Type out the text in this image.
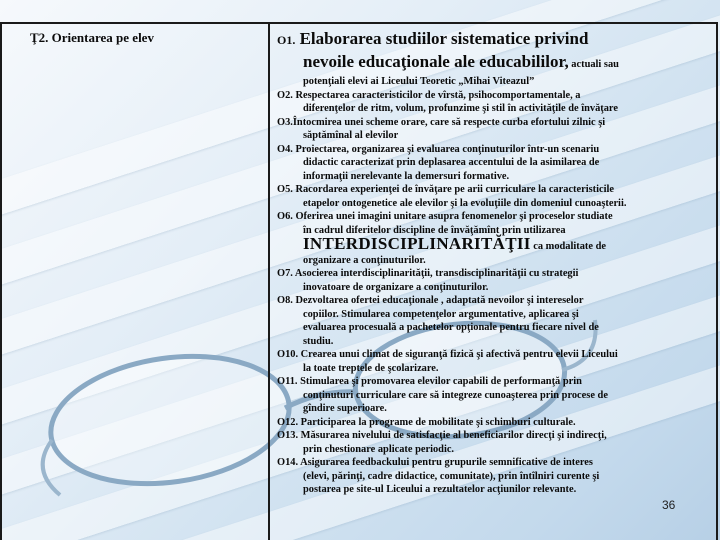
Ţ2. Orientarea pe elev	O1. Elaborarea studiilor sistematice privind
nevoile educaţionale ale educabililor, actuali sau
potenţiali elevi ai Liceului Teoretic „Mihai Viteazul”
O2. Respectarea caracteristicilor de vîrstă, psihocomportamentale, a
diferenţelor de ritm, volum, profunzime şi stil în activităţile de învăţare
O3.Întocmirea unei scheme orare, care să respecte curba efortului zilnic şi
săptămînal al elevilor
O4. Proiectarea, organizarea şi evaluarea conţinuturilor într-un scenariu
didactic caracterizat prin deplasarea accentului de la asimilarea de
informaţii nerelevante la demersuri formative.
O5. Racordarea experienţei de învăţare pe arii curriculare la caracteristicile
etapelor ontogenetice ale elevilor şi la evoluţiile din domeniul cunoaşterii.
O6. Oferirea unei imagini unitare asupra fenomenelor şi proceselor studiate
în cadrul diferitelor discipline de învăţămînt prin utilizarea
INTERDISCIPLINARITĂŢII ca modalitate de
organizare a conţinuturilor.
O7. Asocierea interdisciplinarităţii, transdisciplinarităţii cu strategii
inovatoare de organizare a conţinuturilor.
O8. Dezvoltarea ofertei educaţionale , adaptată nevoilor şi intereselor
copiilor. Stimularea competenţelor argumentative, aplicarea şi
evaluarea procesuală a pachetelor opţionale pentru fiecare nivel de
studiu.
O10. Crearea unui climat de siguranţă fizică şi afectivă pentru elevii Liceului
la toate treptele de şcolarizare.
O11. Stimularea şi promovarea elevilor capabili de performanţă prin
conţinuturi curriculare care să integreze cunoaşterea prin procese de
gîndire superioare.
O12. Participarea la programe de mobilitate şi schimburi culturale.
O13. Măsurarea nivelului de satisfacţie al beneficiarilor direcţi şi indirecţi,
prin chestionare aplicate periodic.
O14. Asigurarea feedbackului pentru grupurile semnificative de interes
(elevi, părinţi, cadre didactice, comunitate), prin întîlniri curente şi
postarea pe site-ul Liceului a rezultatelor acţiunilor relevante.
36
